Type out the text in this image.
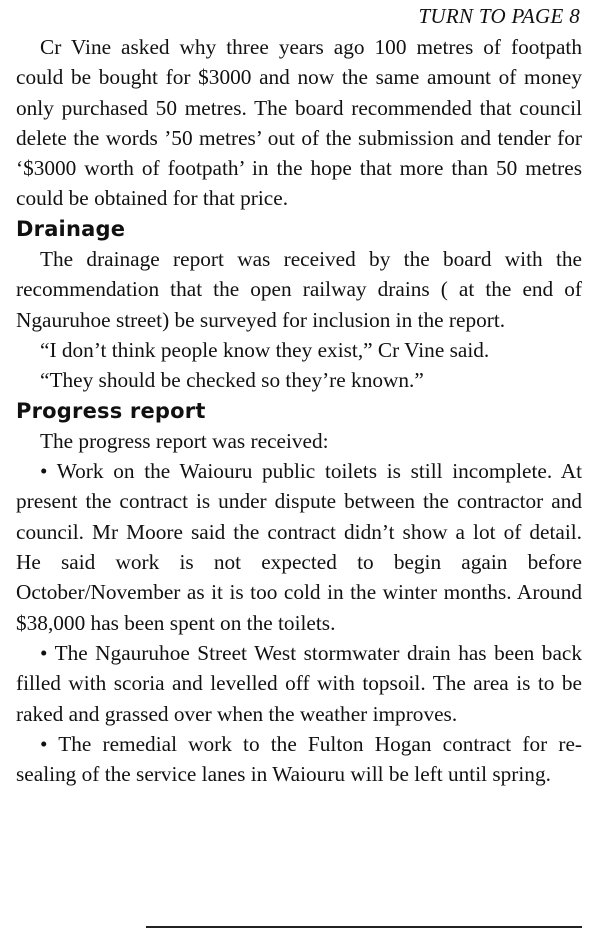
TURN TO PAGE 8

Cr Vine asked why three years ago 100 metres of footpath could be bought for $3000 and now the same amount of money only purchased 50 metres. The board recommended that council delete the words ’50 metres’ out of the submission and tender for ‘$3000 worth of footpath’ in the hope that more than 50 metres could be obtained for that price.

Drainage

The drainage report was received by the board with the recommendation that the open railway drains ( at the end of Ngauruhoe street) be surveyed for inclusion in the report.

“I don’t think people know they exist,” Cr Vine said.

“They should be checked so they’re known.”

Progress report

The progress report was received:

• Work on the Waiouru public toilets is still incomplete. At present the contract is under dispute between the contractor and council. Mr Moore said the contract didn’t show a lot of detail. He said work is not expected to begin again before October/November as it is too cold in the winter months. Around $38,000 has been spent on the toilets.

• The Ngauruhoe Street West stormwater drain has been back filled with scoria and levelled off with topsoil. The area is to be raked and grassed over when the weather improves.

• The remedial work to the Fulton Hogan contract for re-sealing of the service lanes in Waiouru will be left until spring.
